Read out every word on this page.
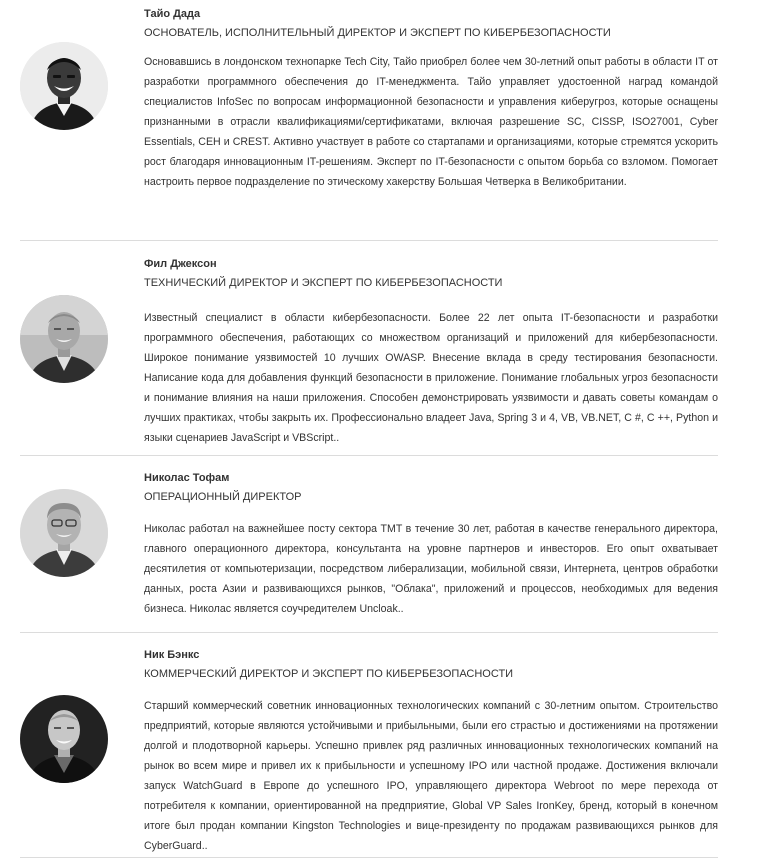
Тайо Дада
ОСНОВАТЕЛЬ, ИСПОЛНИТЕЛЬНЫЙ ДИРЕКТОР И ЭКСПЕРТ ПО КИБЕРБЕЗОПАСНОСТИ

Основавшись в лондонском технопарке Tech City, Тайо приобрел более чем 30-летний опыт работы в области IT от разработки программного обеспечения до IT-менеджмента. Тайо управляет удостоенной наград командой специалистов InfoSec по вопросам информационной безопасности и управления киберугроз, которые оснащены признанными в отрасли квалификациями/сертификатами, включая разрешение SC, CISSP, ISO27001, Cyber Essentials, CEH и CREST. Активно участвует в работе со стартапами и организациями, которые стремятся ускорить рост благодаря инновационным IT-решениям. Эксперт по IT-безопасности с опытом борьба со взломом. Помогает настроить первое подразделение по этическому хакерству Большая Четверка в Великобритании.

Фил Джексон
ТЕХНИЧЕСКИЙ ДИРЕКТОР И ЭКСПЕРТ ПО КИБЕРБЕЗОПАСНОСТИ

Известный специалист в области кибербезопасности. Более 22 лет опыта IT-безопасности и разработки программного обеспечения, работающих со множеством организаций и приложений для кибербезопасности. Широкое понимание уязвимостей 10 лучших OWASP. Внесение вклада в среду тестирования безопасности. Написание кода для добавления функций безопасности в приложение. Понимание глобальных угроз безопасности и понимание влияния на наши приложения. Способен демонстрировать уязвимости и давать советы командам о лучших практиках, чтобы закрыть их. Профессионально владеет Java, Spring 3 и 4, VB, VB.NET, C #, C ++, Python и языки сценариев JavaScript и VBScript..

Николас Тофам
ОПЕРАЦИОННЫЙ ДИРЕКТОР

Николас работал на важнейшее посту сектора TMT в течение 30 лет, работая в качестве генерального директора, главного операционного директора, консультанта на уровне партнеров и инвесторов. Его опыт охватывает десятилетия от компьютеризации, посредством либерализации, мобильной связи, Интернета, центров обработки данных, роста Азии и развивающихся рынков, "Облака", приложений и процессов, необходимых для ведения бизнеса. Николас является соучредителем Uncloak..

Ник Бэнкс
КОММЕРЧЕСКИЙ ДИРЕКТОР И ЭКСПЕРТ ПО КИБЕРБЕЗОПАСНОСТИ

Старший коммерческий советник инновационных технологических компаний с 30-летним опытом. Строительство предприятий, которые являются устойчивыми и прибыльными, были его страстью и достижениями на протяжении долгой и плодотворной карьеры. Успешно привлек ряд различных инновационных технологических компаний на рынок во всем мире и привел их к прибыльности и успешному IPO или частной продаже. Достижения включали запуск WatchGuard в Европе до успешного IPO, управляющего директора Webroot по мере перехода от потребителя к компании, ориентированной на предприятие, Global VP Sales IronKey, бренд, который в конечном итоге был продан компании Kingston Technologies и вице-президенту по продажам развивающихся рынков для CyberGuard..
